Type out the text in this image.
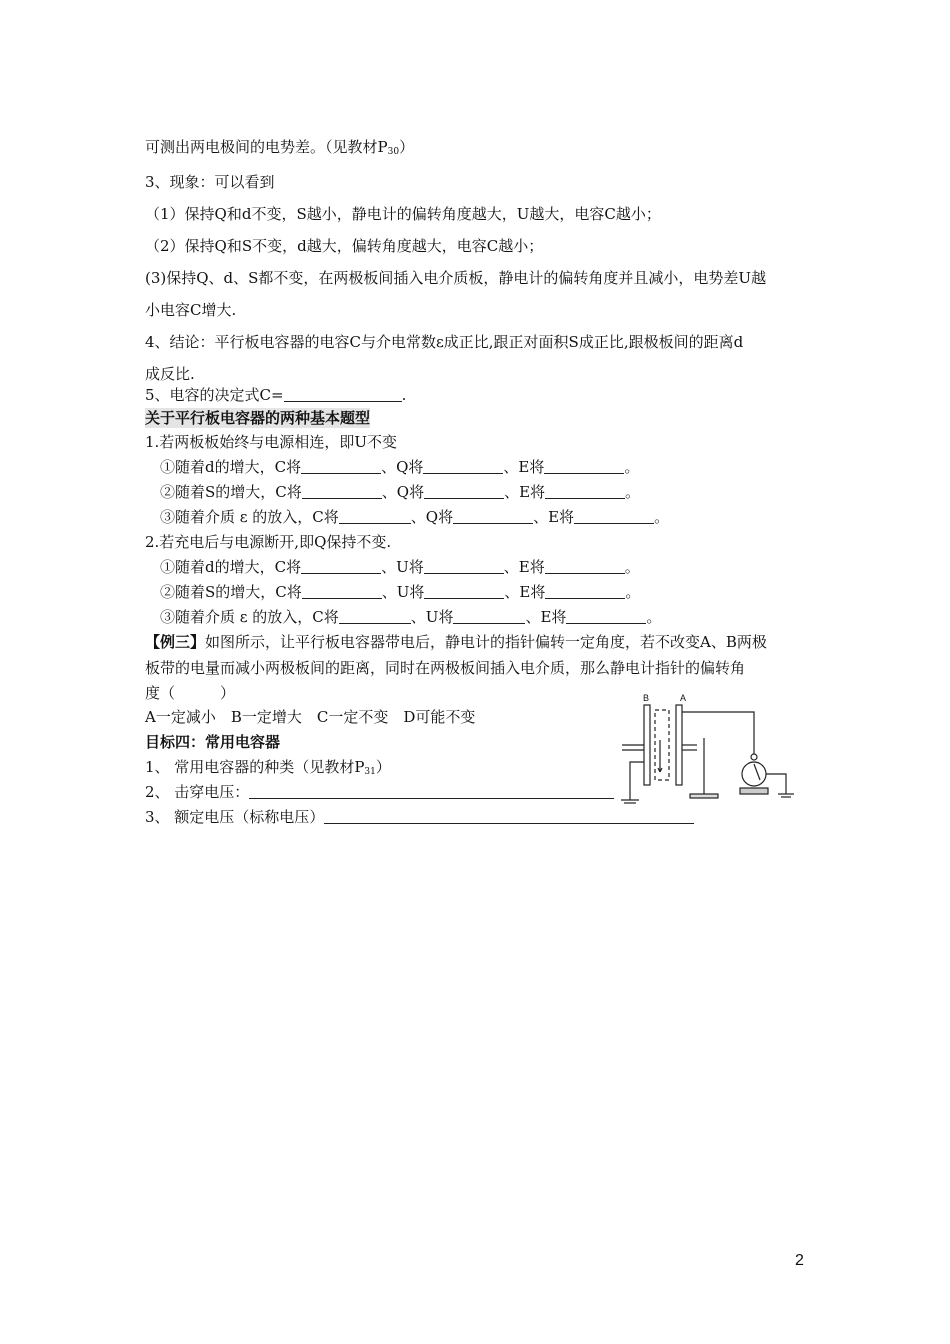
可测出两电极间的电势差。（见教材$P_{30}$）
3、现象：可以看到
（1）保持Q和d不变，S越小，静电计的偏转角度越大，U越大，电容C越小；
（2）保持Q和S不变，d越大，偏转角度越大，电容C越小；
(3)保持Q、d、S都不变，在两极板间插入电介质板，静电计的偏转角度并且减小，电势差U越
小电容C增大.
4、结论：平行板电容器的电容C与介电常数ε成正比,跟正对面积S成正比,跟极板间的距离d
成反比.
5、电容的决定式C=	.
关于平行板电容器的两种基本题型
1.若两板板始终与电源相连，即U不变
①随着d的增大，C将	、Q将	、E将	。
②随着S的增大，C将	、Q将	、E将	。
③随着介质 ε 的放入，C将	、Q将	、E将	。
2.若充电后与电源断开,即Q保持不变.
①随着d的增大，C将	、U将	、E将	。
②随着S的增大，C将	、U将	、E将	。
③随着介质 ε 的放入，C将	、U将	、E将	。
【例三】如图所示，让平行板电容器带电后，静电计的指针偏转一定角度，若不改变A、B两极
板带的电量而减小两极板间的距离，同时在两极板间插入电介质，那么静电计指针的偏转角
度（　　　）
A一定减小　B一定增大　C一定不变　D可能不变
目标四：常用电容器
1、 常用电容器的种类（见教材$P_{31}$）
2、 击穿电压：
3、 额定电压（标称电压）
B	A
2
